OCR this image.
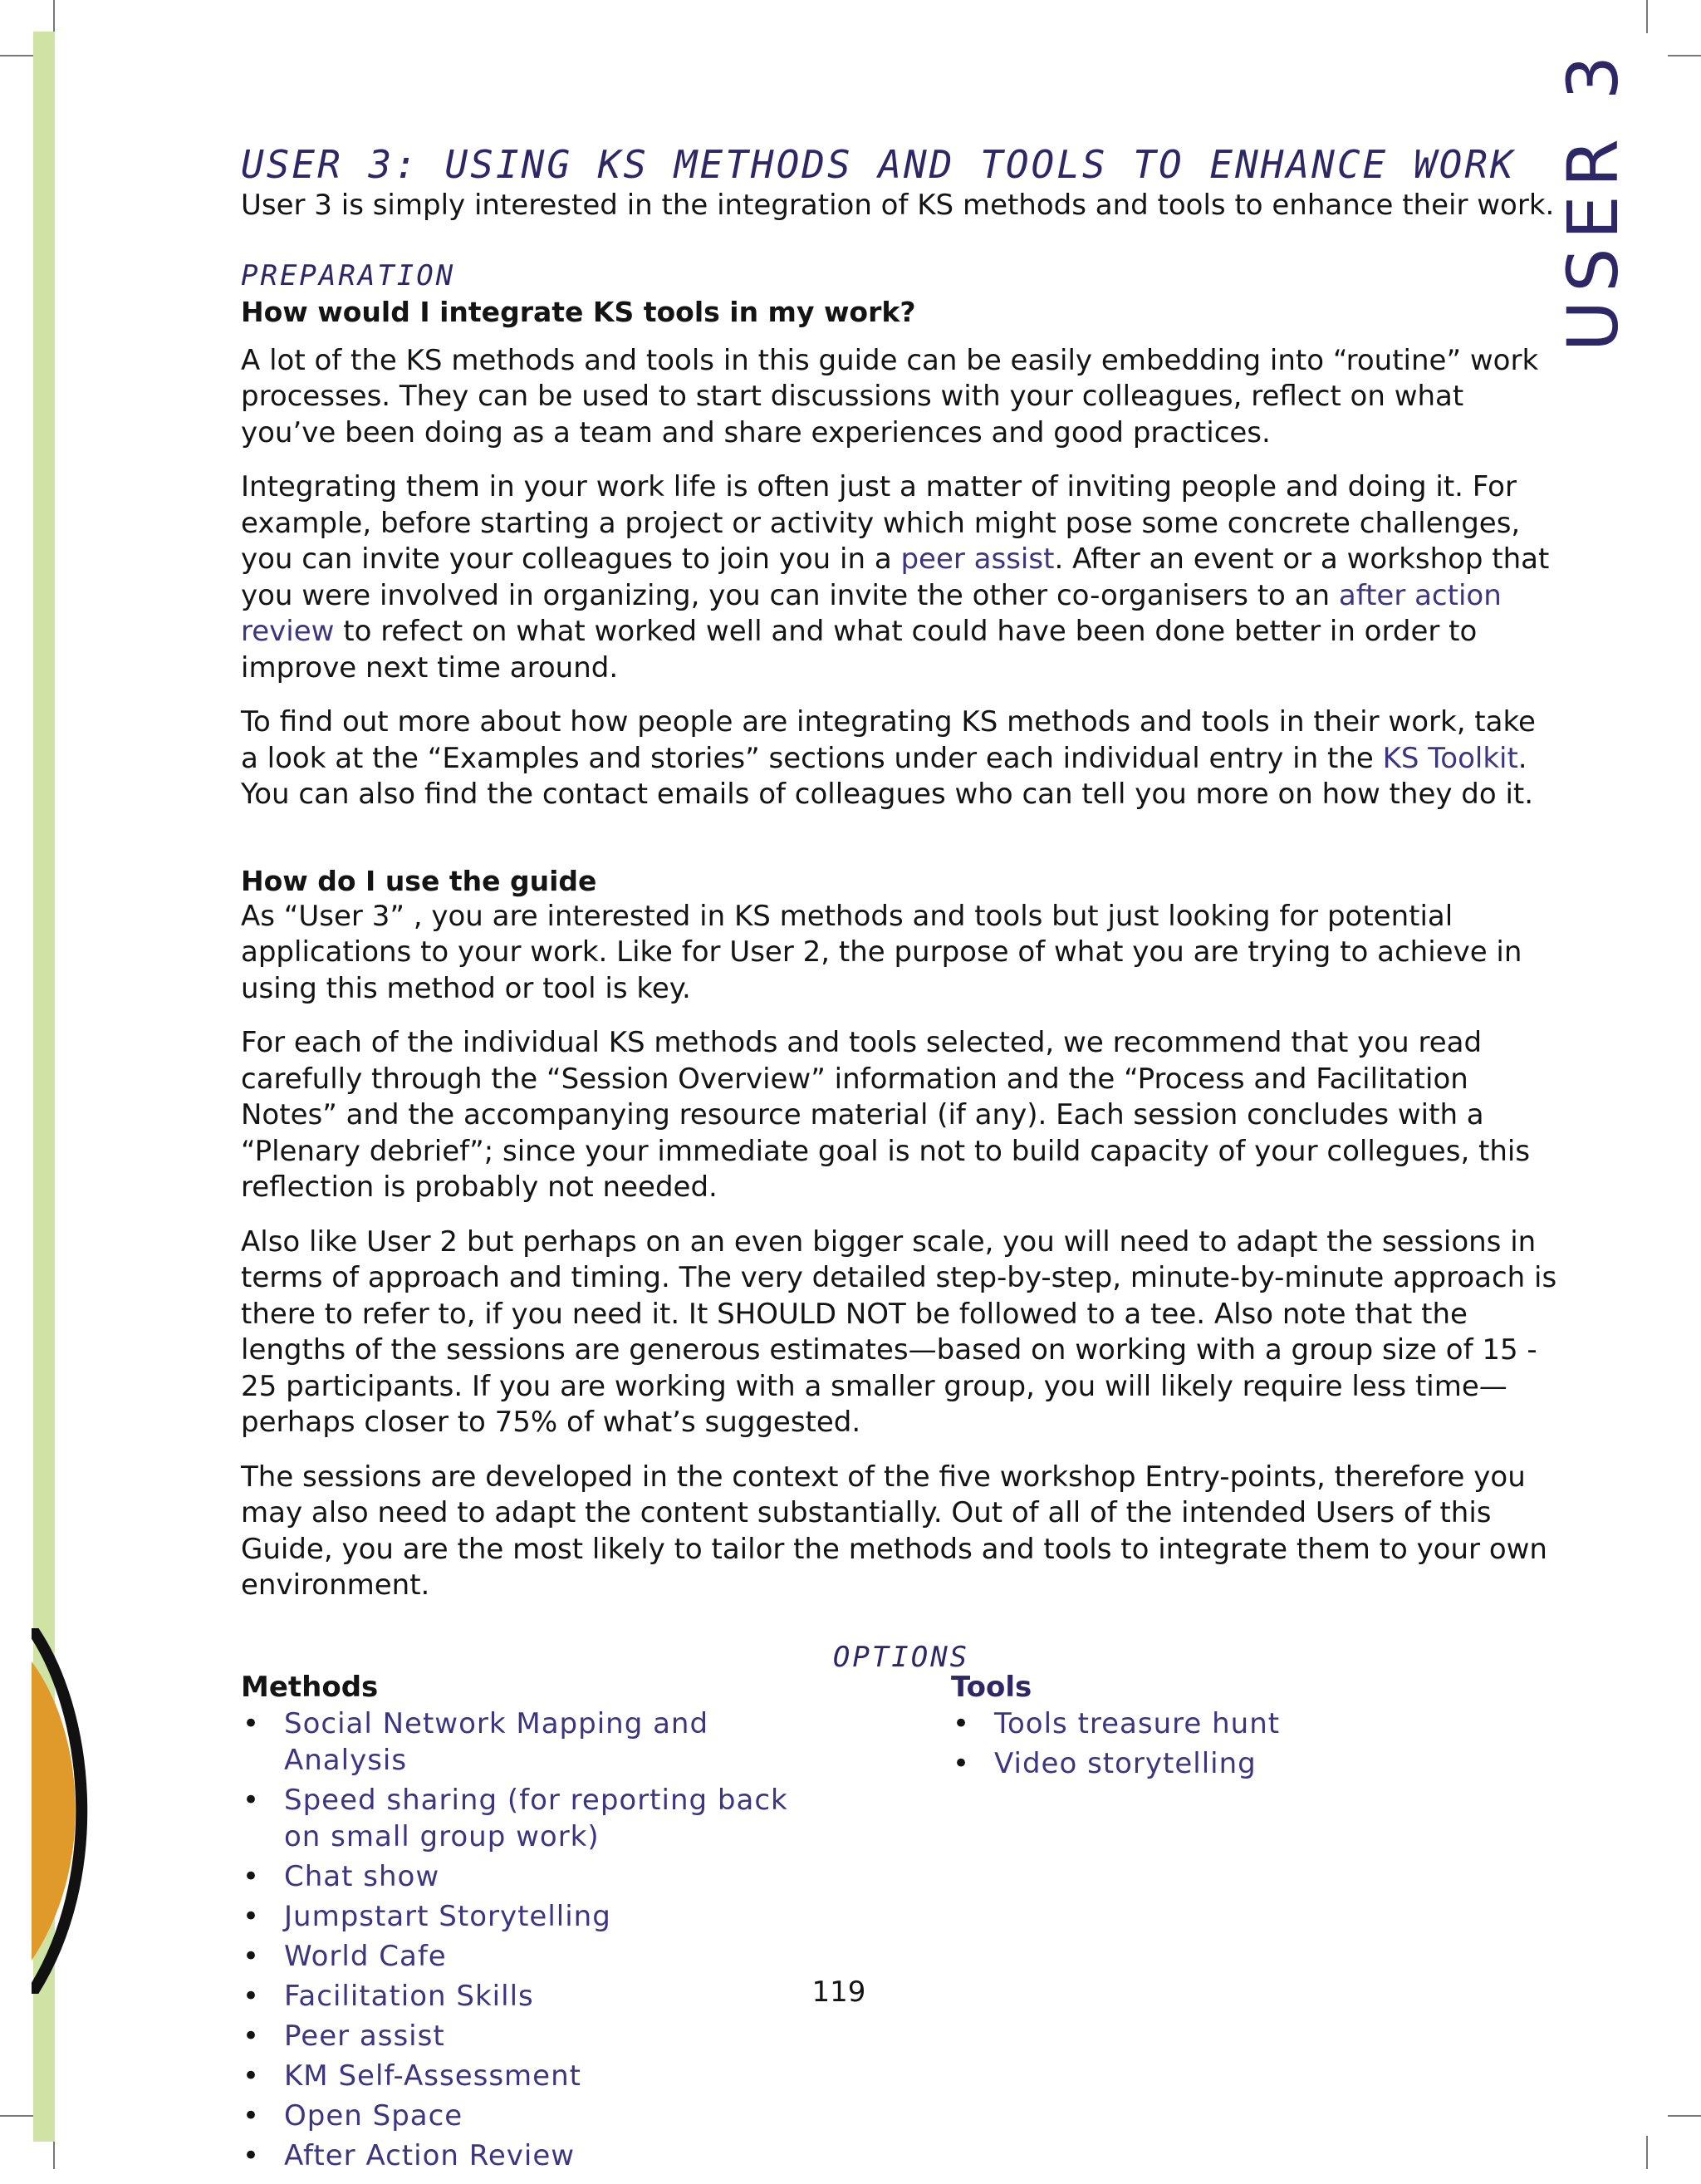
USER 3
USER 3: USING KS METHODS AND TOOLS TO ENHANCE WORK

User 3 is simply interested in the integration of KS methods and tools to enhance their work.

PREPARATION
How would I integrate KS tools in my work?

A lot of the KS methods and tools in this guide can be easily embedding into “routine” work processes. They can be used to start discussions with your colleagues, reflect on what you’ve been doing as a team and share experiences and good practices.

Integrating them in your work life is often just a matter of inviting people and doing it. For example, before starting a project or activity which might pose some concrete challenges, you can invite your colleagues to join you in a peer assist. After an event or a workshop that you were involved in organizing, you can invite the other co-organisers to an after action review to refect on what worked well and what could have been done better in order to improve next time around.

To find out more about how people are integrating KS methods and tools in their work, take a look at the “Examples and stories” sections under each individual entry in the KS Toolkit. You can also find the contact emails of colleagues who can tell you more on how they do it.

How do I use the guide

As “User 3” , you are interested in KS methods and tools but just looking for potential applications to your work. Like for User 2, the purpose of what you are trying to achieve in using this method or tool is key.

For each of the individual KS methods and tools selected, we recommend that you read carefully through the “Session Overview” information and the “Process and Facilitation Notes” and the accompanying resource material (if any). Each session concludes with a “Plenary debrief”; since your immediate goal is not to build capacity of your collegues, this reflection is probably not needed.

Also like User 2 but perhaps on an even bigger scale, you will need to adapt the sessions in terms of approach and timing. The very detailed step-by-step, minute-by-minute approach is there to refer to, if you need it. It SHOULD NOT be followed to a tee. Also note that the lengths of the sessions are generous estimates—based on working with a group size of 15 - 25 participants. If you are working with a smaller group, you will likely require less time—perhaps closer to 75% of what’s suggested.

The sessions are developed in the context of the five workshop Entry-points, therefore you may also need to adapt the content substantially. Out of all of the intended Users of this Guide, you are the most likely to tailor the methods and tools to integrate them to your own environment.

OPTIONS
Methods
• Social Network Mapping and Analysis
• Speed sharing (for reporting back on small group work)
• Chat show
• Jumpstart Storytelling
• World Cafe
• Facilitation Skills
• Peer assist
• KM Self-Assessment
• Open Space
• After Action Review
Tools
• Tools treasure hunt
• Video storytelling
119
